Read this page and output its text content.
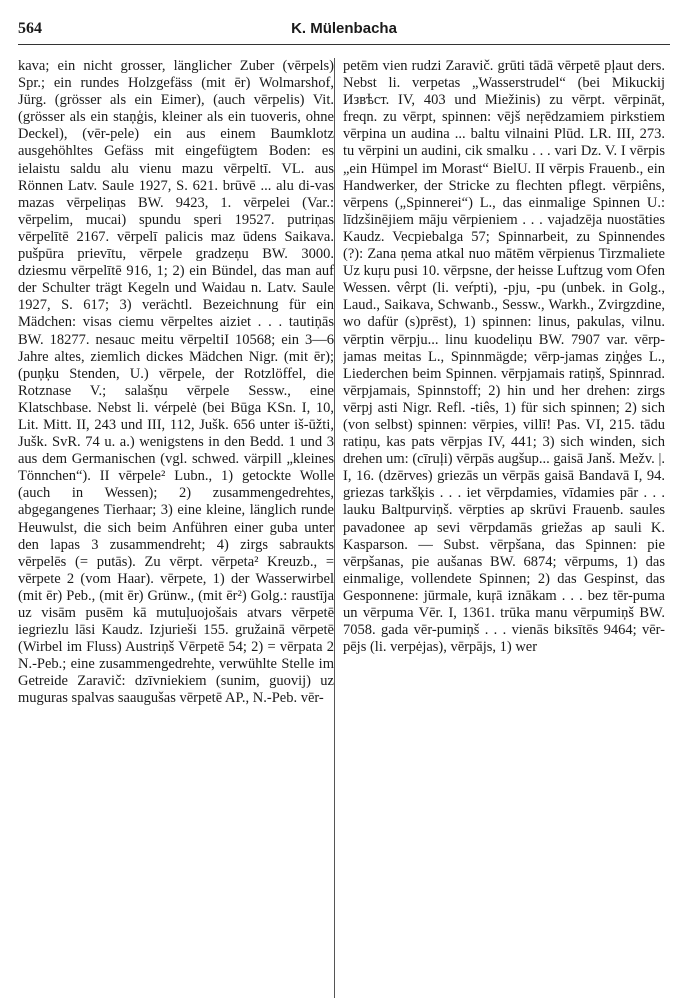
564	K. Mülenbacha

kava; ein nicht grosser, länglicher Zuber (vērpels) Spr.; ein rundes Holzgefäss (mit ēr) Wolmarshof, Jürg. (grösser als ein Eimer), (auch vērpelis) Vit. (grösser als ein staņģis, kleiner als ein tuoveris, ohne Deckel), (vēr-pele) ein aus einem Baumklotz ausgehöhltes Gefäss mit eingefügtem Boden: es ielaistu saldu alu vienu mazu vērpeltī. VL. aus Rönnen Latv. Saule 1927, S. 621. brūvē ... alu di-vas mazas vērpeliņas BW. 9423, 1. vērpelei (Var.: vērpelim, mucai) spundu speri 19527. putriņas vērpelītē 2167. vērpelī palicis maz ūdens Saikava. pušpūra prievītu, vērpele gradzeņu BW. 3000. dziesmu vērpelītē 916, 1; 2) ein Bündel, das man auf der Schulter trägt Kegeln und Waidau n. Latv. Saule 1927, S. 617; 3) verächtl. Bezeichnung für ein Mädchen: visas ciemu vērpeltes aiziet . . . tautiņās BW. 18277. nesauc meitu vērpeltiI 10568; ein 3—6 Jahre altes, ziemlich dickes Mädchen Nigr. (mit ēr); (puņķu Stenden, U.) vērpele, der Rotzlöffel, die Rotznase V.; salašņu vērpele Sessw., eine Klatschbase. Nebst li. vérpelė (bei Būga KSn. I, 10, Lit. Mitt. II, 243 und III, 112, Jušk. 656 unter iš-ūžti, Jušk. SvR. 74 u. a.) wenigstens in den Bedd. 1 und 3 aus dem Germanischen (vgl. schwed. värpill „kleines Tönnchen“). II vērpele² Lubn., 1) getockte Wolle (auch in Wessen); 2) zusammengedrehtes, abgegangenes Tierhaar; 3) eine kleine, länglich runde Heuwulst, die sich beim Anführen einer guba unter den lapas 3 zusammendreht; 4) zirgs sabraukts vērpelēs (= putās). Zu vērpt. vērpeta² Kreuzb., = vērpete 2 (vom Haar). vērpete, 1) der Wasserwirbel (mit ēr) Peb., (mit ēr) Grünw., (mit ēr²) Golg.: raustīja uz visām pusēm kā mutuļuojošais atvars vērpetē iegriezlu lāsi Kaudz. Izjurieši 155. gružainā vērpetē (Wirbel im Fluss) Austriņš Vērpetē 54; 2) = vērpata 2 N.-Peb.; eine zusammengedrehte, verwühlte Stelle im Getreide Zaravič: dzīvniekiem (sunim, guovij) uz muguras spalvas saaugušas vērpetē AP., N.-Peb. vēr-

petēm vien rudzi Zaravič. grūti tādā vērpetē pļaut ders. Nebst li. verpetas „Wasserstrudel“ (bei Mikuckij Извѣст. IV, 403 und Miežinis) zu vērpt. vērpināt, freqn. zu vērpt, spinnen: vējš neŗēdzamiem pirkstiem vērpina un audina ... baltu vilnaini Plūd. LR. III, 273. tu vērpini un audini, cik smalku . . . vari Dz. V. I vērpis „ein Hümpel im Morast“ BielU. II vērpis Frauenb., ein Handwerker, der Stricke zu flechten pflegt. vērpiêns, vērpens („Spinnerei“) L., das einmalige Spinnen U.: līdzšinējiem māju vērpieniem . . . vajadzēja nuostāties Kaudz. Vecpiebalga 57; Spinnarbeit, zu Spinnendes (?): Zana ņema atkal nuo mātēm vērpienus Tirzmaliete Uz kuŗu pusi 10. vērpsne, der heisse Luftzug vom Ofen Wessen. vêrpt (li. veŕpti), -pju, -pu (unbek. in Golg., Laud., Saikava, Schwanb., Sessw., Warkh., Zvirgzdine, wo dafür (s)prēst), 1) spinnen: linus, pakulas, vilnu. vērptin vērpju... linu kuodeliņu BW. 7907 var. vērp-jamas meitas L., Spinnmägde; vērp-jamas ziņģes L., Liederchen beim Spinnen. vērpjamais ratiņš, Spinnrad. vērpjamais, Spinnstoff; 2) hin und her drehen: zirgs vērpj asti Nigr. Refl. -tiês, 1) für sich spinnen; 2) sich (von selbst) spinnen: vērpies, villī! Pas. VI, 215. tādu ratiņu, kas pats vērpjas IV, 441; 3) sich winden, sich drehen um: (cīruļi) vērpās augšup... gaisā Janš. Mežv. |. I, 16. (dzērves) griezās un vērpās gaisā Bandavā I, 94. griezas tarkšķis . . . iet vērpdamies, vīdamies pār . . . lauku Baltpurviņš. vērpties ap skrūvi Frauenb. saules pavadonee ap sevi vērpdamās griežas ap sauli K. Kasparson. — Subst. vērpšana, das Spinnen: pie vērpšanas, pie aušanas BW. 6874; vērpums, 1) das einmalige, vollendete Spinnen; 2) das Gespinst, das Gesponnene: jūrmale, kuŗā iznākam . . . bez tēr-puma un vērpuma Vēr. I, 1361. trūka manu vērpumiņš BW. 7058. gada vēr-pumiņš . . . vienās biksītēs 9464; vēr-pējs (li. verpėjas), vērpājs, 1) wer
